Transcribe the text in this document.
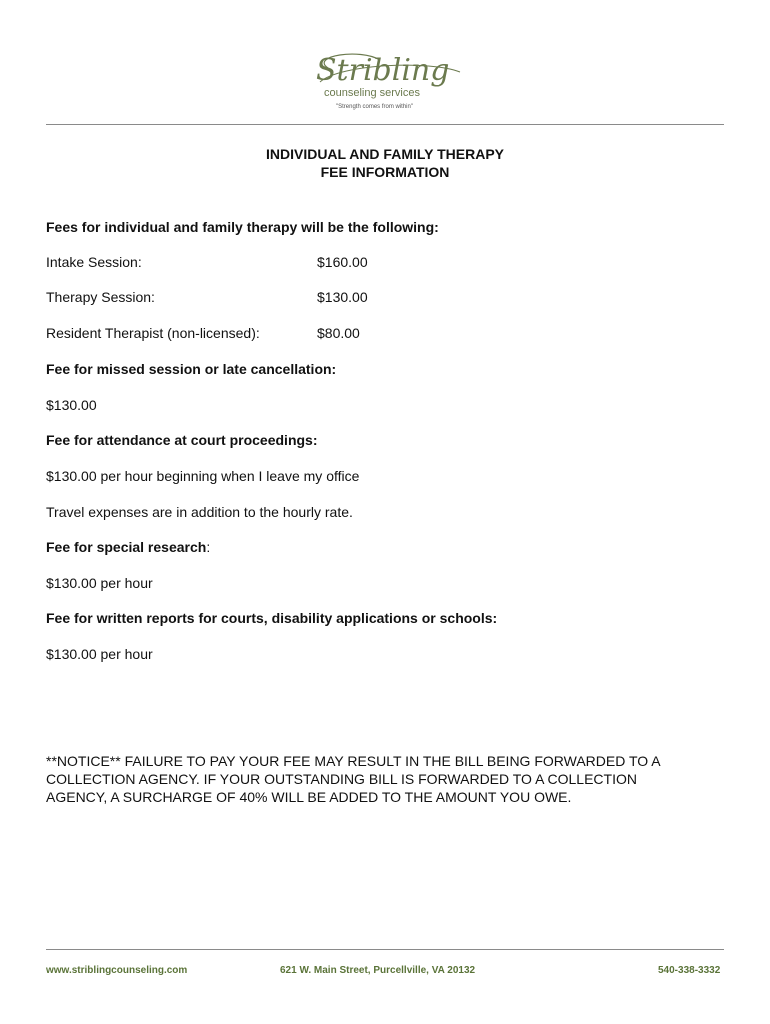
Stribling
counseling services
"Strength comes from within"
INDIVIDUAL AND FAMILY THERAPY
FEE INFORMATION
Fees for individual and family therapy will be the following:
Intake Session:	$160.00
Therapy Session:	$130.00
Resident Therapist (non-licensed):	$80.00
Fee for missed session or late cancellation:
$130.00
Fee for attendance at court proceedings:
$130.00 per hour beginning when I leave my office
Travel expenses are in addition to the hourly rate.
Fee for special research:
$130.00 per hour
Fee for written reports for courts, disability applications or schools:
$130.00 per hour
**NOTICE** FAILURE TO PAY YOUR FEE MAY RESULT IN THE BILL BEING FORWARDED TO A
COLLECTION AGENCY. IF YOUR OUTSTANDING BILL IS FORWARDED TO A COLLECTION
AGENCY, A SURCHARGE OF 40% WILL BE ADDED TO THE AMOUNT YOU OWE.
www.striblingcounseling.com	621 W. Main Street, Purcellville, VA 20132	540-338-3332
